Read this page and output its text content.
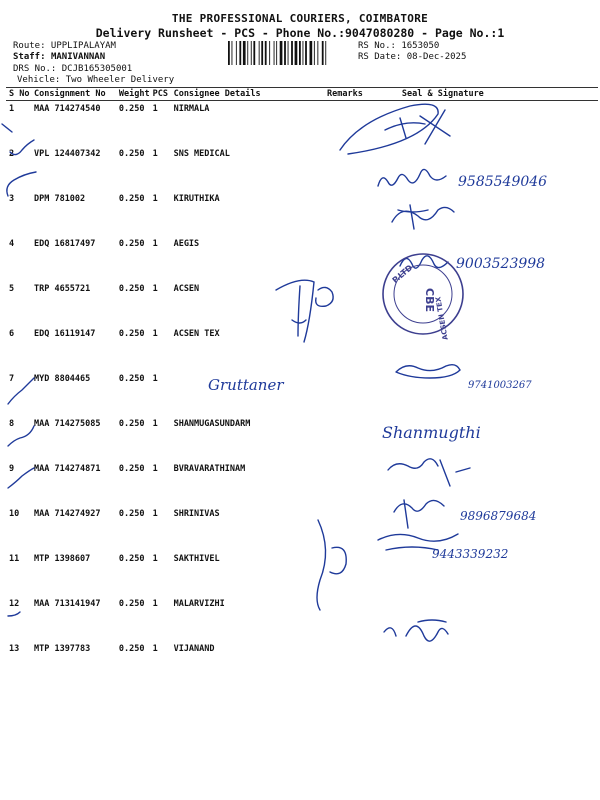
THE PROFESSIONAL COURIERS, COIMBATORE
Delivery Runsheet - PCS - Phone No.:9047080280 - Page No.:1
Route: UPPLIPALAYAM
Staff: MANIVANNAN
DRS No.: DCJB165305001
Vehicle: Two Wheeler Delivery
RS No.: 1653050
RS Date: 08-Dec-2025
S No	Consignment No	Weight	PCS	Consignee Details	Remarks	Seal & Signature
1	MAA 714274540	0.250	1	NIRMALA		
2	VPL 124407342	0.250	1	SNS MEDICAL		
3	DPM 781002	0.250	1	KIRUTHIKA		
4	EDQ 16817497	0.250	1	AEGIS		
5	TRP 4655721	0.250	1	ACSEN		
6	EDQ 16119147	0.250	1	ACSEN TEX		
7	MYD 8804465	0.250	1			
8	MAA 714275085	0.250	1	SHANMUGASUNDARM		
9	MAA 714274871	0.250	1	BVRAVARATHINAM		
10	MAA 714274927	0.250	1	SHRINIVAS		
11	MTP 1398607	0.250	1	SAKTHIVEL		
12	MAA 713141947	0.250	1	MALARVIZHI		
13	MTP 1397783	0.250	1	VIJANAND		
9585549046
9003523998
Gruttaner	9741003267
Shanmugthi
9896879684
9443339232
P.LTD
CBE
ACSEN TEX
